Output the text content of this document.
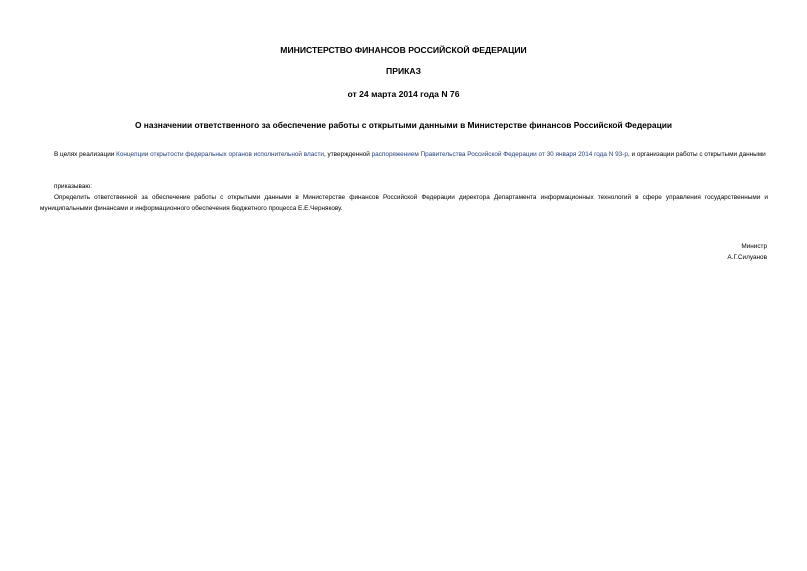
МИНИСТЕРСТВО ФИНАНСОВ РОССИЙСКОЙ ФЕДЕРАЦИИ
ПРИКАЗ
от 24 марта 2014 года N 76
О назначении ответственного за обеспечение работы с открытыми данными в Министерстве финансов Российской Федерации
В целях реализации Концепции открытости федеральных органов исполнительной власти, утвержденной распоряжением Правительства Российской Федерации от 30 января 2014 года N 93-р, и организации работы с открытыми данными
приказываю:
Определить ответственной за обеспечение работы с открытыми данными в Министерстве финансов Российской Федерации директора Департамента информационных технологий в сфере управления государственными и муниципальными финансами и информационного обеспечения бюджетного процесса Е.Е.Чернякову.
Министр
А.Г.Силуанов
